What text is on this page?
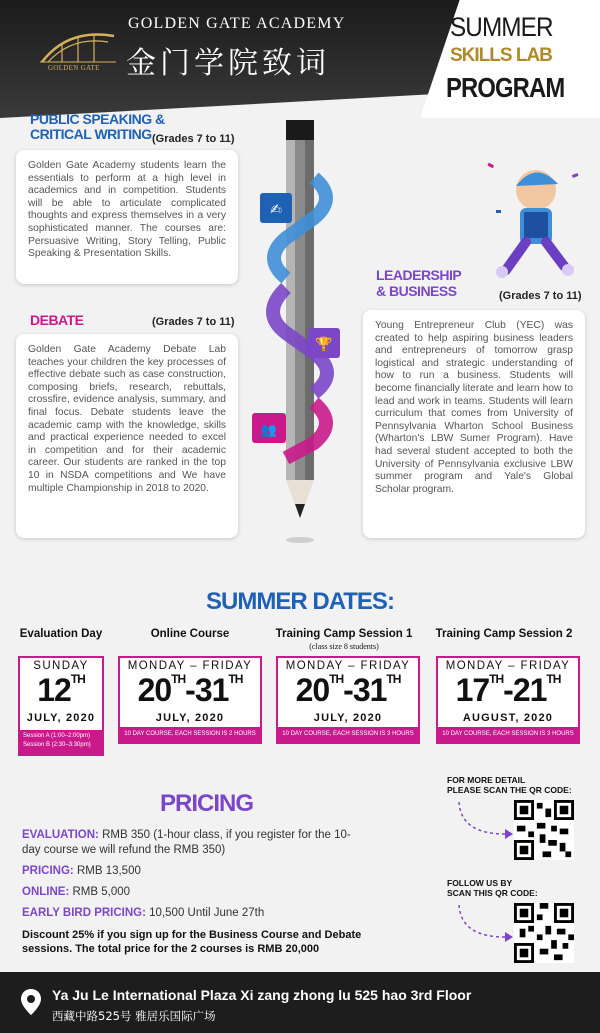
GOLDEN GATE
GOLDEN GATE ACADEMY
金门学院致词
SUMMER
SKILLS LAB
PROGRAM
PUBLIC SPEAKING &
CRITICAL WRITING (Grades 7 to 11)
Golden Gate Academy students learn the essentials to perform at a high level in academics and in competition. Students will be able to articulate complicated thoughts and express themselves in a very sophisticated manner. The courses are: Persuasive Writing, Story Telling, Public Speaking & Presentation Skills.
DEBATE	(Grades 7 to 11)
Golden Gate Academy Debate Lab teaches your children the key processes of effective debate such as case construction, composing briefs, research, rebuttals, crossfire, evidence analysis, summary, and final focus. Debate students leave the academic camp with the knowledge, skills and practical experience needed to excel in competition and for their academic career. Our students are ranked in the top 10 in NSDA competitions and We have multiple Championship in 2018 to 2020.
LEADERSHIP
& BUSINESS	(Grades 7 to 11)
Young Entrepreneur Club (YEC) was created to help aspiring business leaders and entrepreneurs of tomorrow grasp logistical and strategic understanding of how to run a business. Students will become financially literate and learn how to lead and work in teams. Students will learn curriculum that comes from University of Pennsylvania Wharton School Business (Wharton's LBW Sumer Program). Have had several student accepted to both the University of Pennsylvania exclusive LBW summer program and Yale's Global Scholar program.
✍
🏆
👥
SUMMER DATES:
Evaluation Day	Online Course	Training Camp Session 1
(class size 8 students)
Training Camp Session 2
SUNDAY
12TH
JULY, 2020
Session A (1:00–2:00pm)
Session B (2:30–3:30pm)
MONDAY – FRIDAY
20TH-31TH
JULY, 2020
10 DAY COURSE, EACH SESSION IS 2 HOURS
MONDAY – FRIDAY
20TH-31TH
JULY, 2020
10 DAY COURSE, EACH SESSION IS 3 HOURS
MONDAY – FRIDAY
17TH-21TH
AUGUST, 2020
10 DAY COURSE, EACH SESSION IS 3 HOURS
PRICING
EVALUATION: RMB 350 (1-hour class, if you register for the 10-
day course we will refund the RMB 350)
PRICING: RMB 13,500
ONLINE: RMB 5,000
EARLY BIRD PRICING: 10,500 Until June 27th
Discount 25% if you sign up for the Business Course and Debate
sessions. The total price for the 2 courses is RMB 20,000
FOR MORE DETAIL
PLEASE SCAN THE QR CODE:
FOLLOW US BY
SCAN THIS QR CODE:
Ya Ju Le International Plaza Xi zang zhong lu 525 hao 3rd Floor
西藏中路525号 雅居乐国际广场
